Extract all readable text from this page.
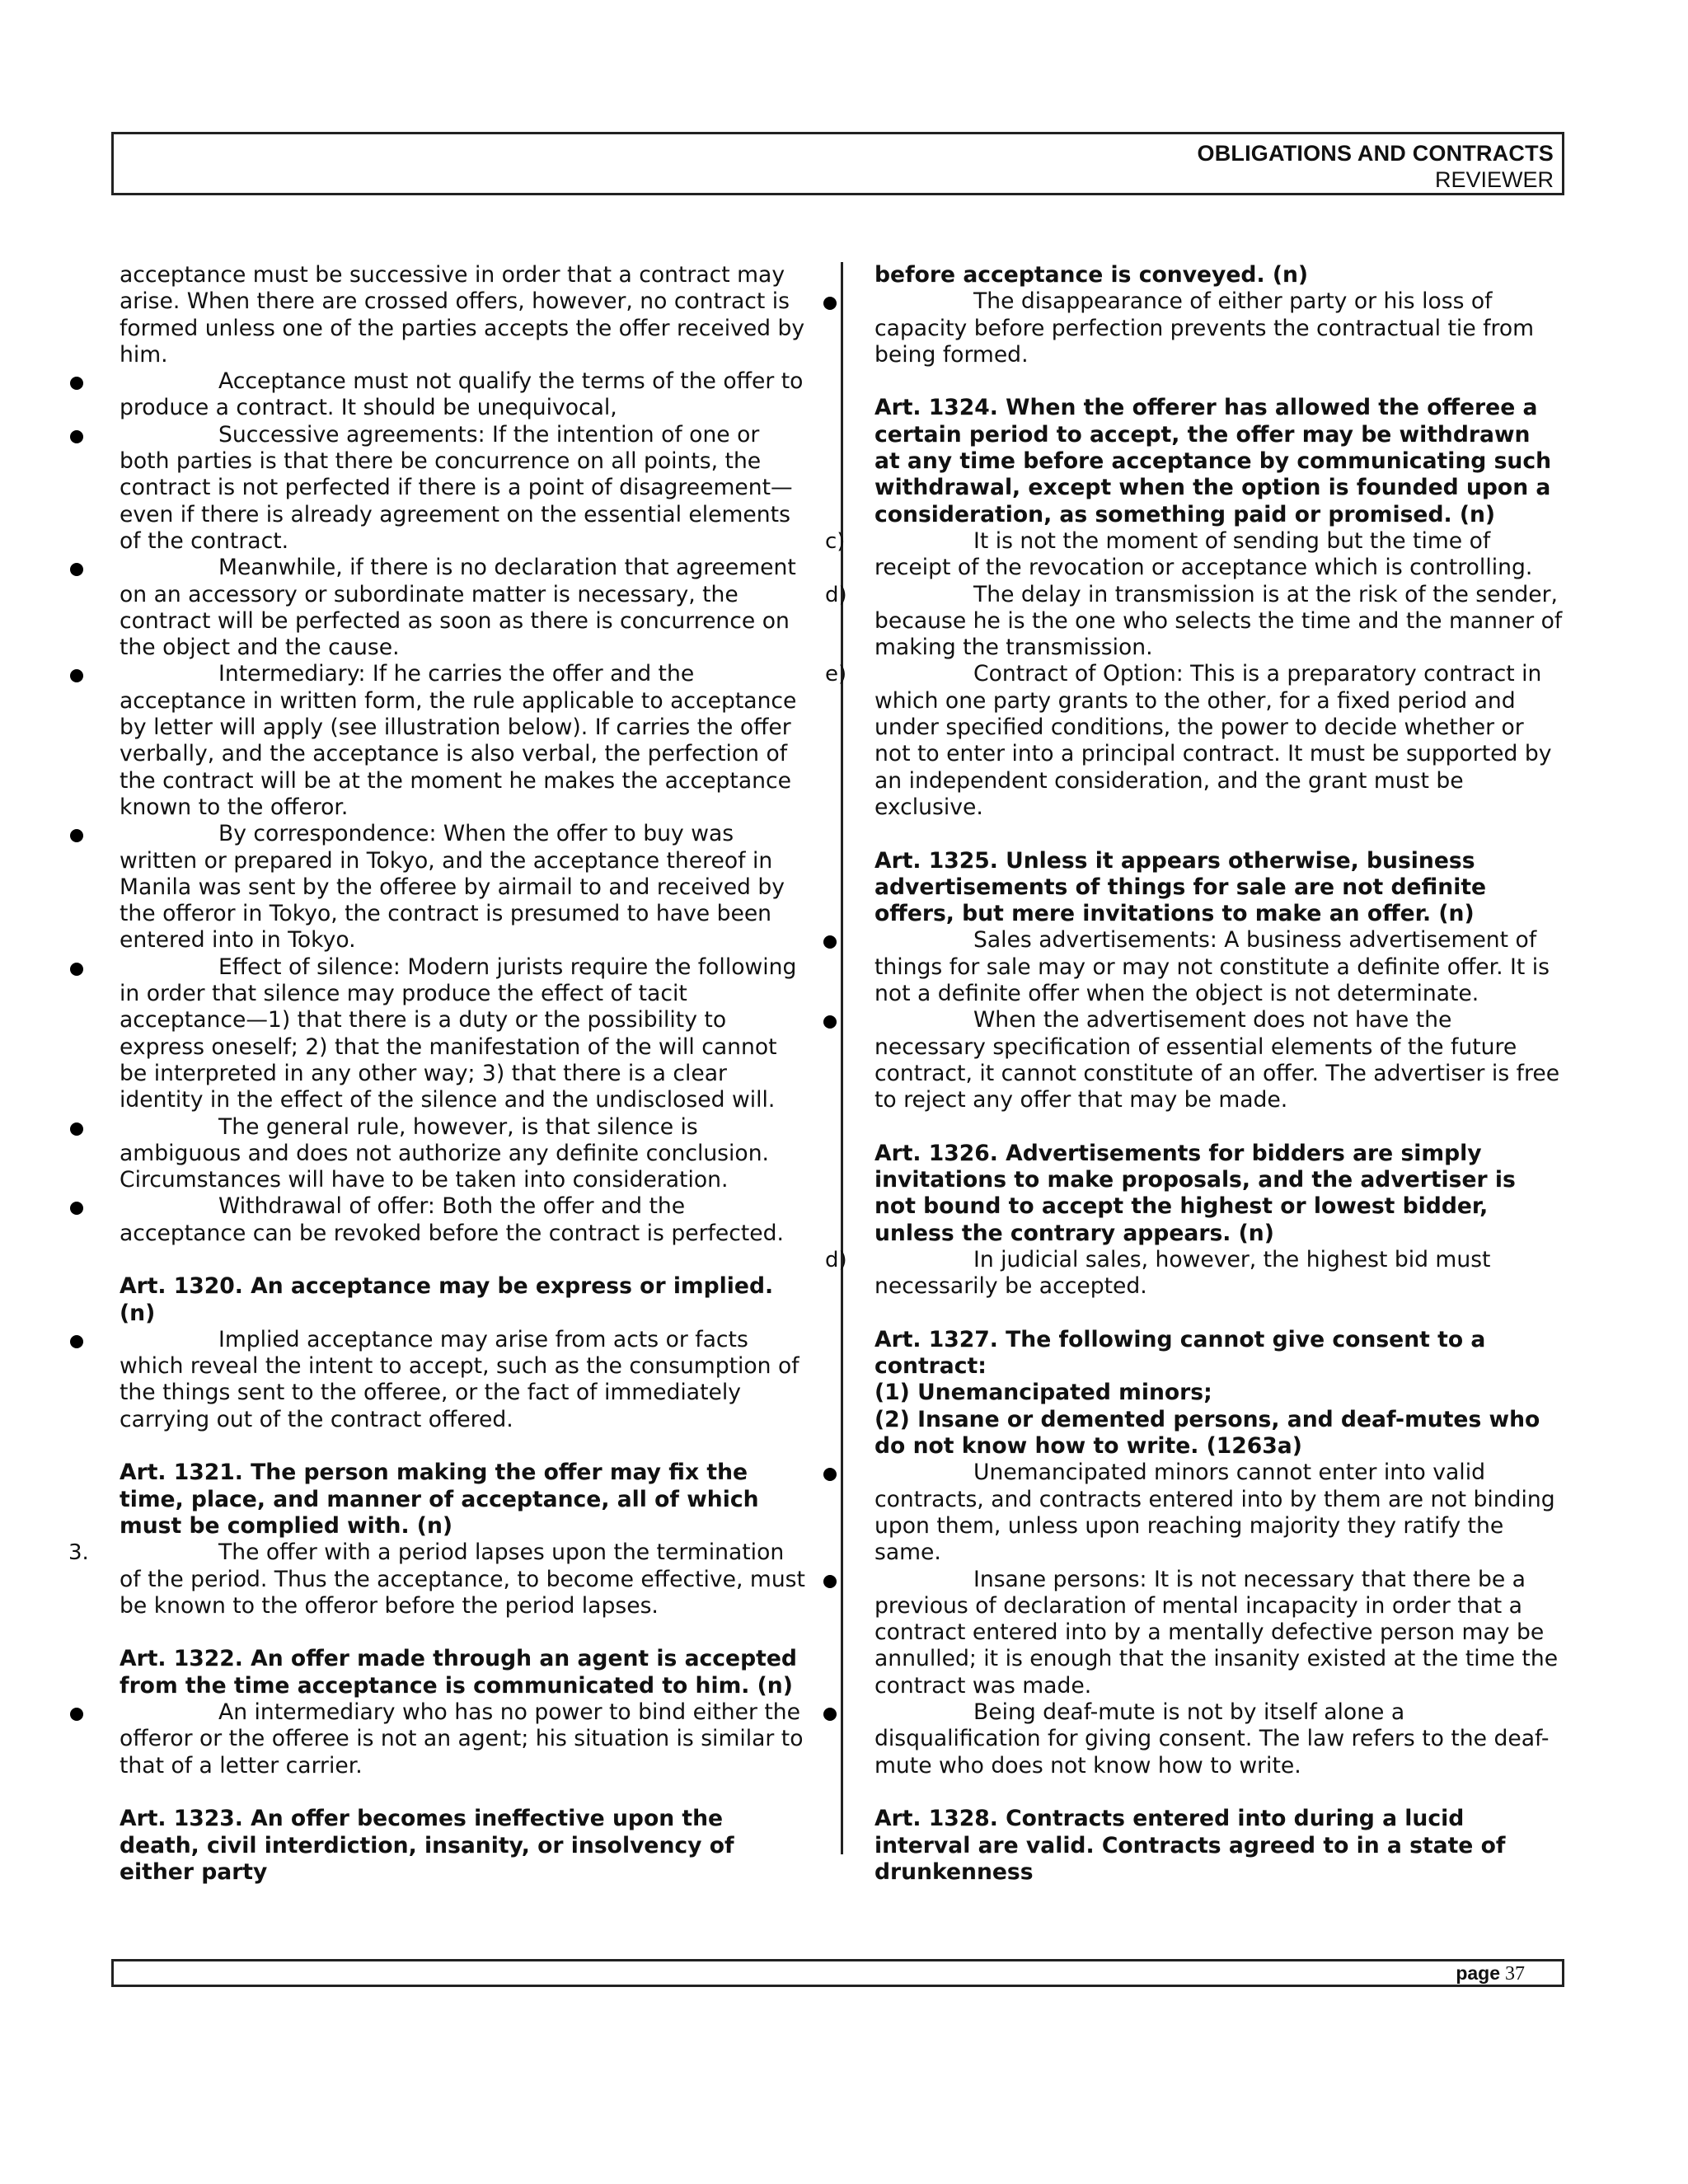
OBLIGATIONS AND CONTRACTS
REVIEWER
acceptance must be successive in order that a contract may arise. When there are crossed offers, however, no contract is formed unless one of the parties accepts the offer received by him.
Acceptance must not qualify the terms of the offer to produce a contract. It should be unequivocal,
Successive agreements: If the intention of one or both parties is that there be concurrence on all points, the contract is not perfected if there is a point of disagreement—even if there is already agreement on the essential elements of the contract.
Meanwhile, if there is no declaration that agreement on an accessory or subordinate matter is necessary, the contract will be perfected as soon as there is concurrence on the object and the cause.
Intermediary: If he carries the offer and the acceptance in written form, the rule applicable to acceptance by letter will apply (see illustration below). If carries the offer verbally, and the acceptance is also verbal, the perfection of the contract will be at the moment he makes the acceptance known to the offeror.
By correspondence: When the offer to buy was written or prepared in Tokyo, and the acceptance thereof in Manila was sent by the offeree by airmail to and received by the offeror in Tokyo, the contract is presumed to have been entered into in Tokyo.
Effect of silence: Modern jurists require the following in order that silence may produce the effect of tacit acceptance—1) that there is a duty or the possibility to express oneself; 2) that the manifestation of the will cannot be interpreted in any other way; 3) that there is a clear identity in the effect of the silence and the undisclosed will.
The general rule, however, is that silence is ambiguous and does not authorize any definite conclusion. Circumstances will have to be taken into consideration.
Withdrawal of offer: Both the offer and the acceptance can be revoked before the contract is perfected.
Art. 1320. An acceptance may be express or implied. (n)
Implied acceptance may arise from acts or facts which reveal the intent to accept, such as the consumption of the things sent to the offeree, or the fact of immediately carrying out of the contract offered.
Art. 1321. The person making the offer may fix the time, place, and manner of acceptance, all of which must be complied with. (n)
3.	The offer with a period lapses upon the termination of the period. Thus the acceptance, to become effective, must be known to the offeror before the period lapses.
Art. 1322. An offer made through an agent is accepted from the time acceptance is communicated to him. (n)
An intermediary who has no power to bind either the offeror or the offeree is not an agent; his situation is similar to that of a letter carrier.
Art. 1323. An offer becomes ineffective upon the death, civil interdiction, insanity, or insolvency of either party
before acceptance is conveyed. (n)
The disappearance of either party or his loss of capacity before perfection prevents the contractual tie from being formed.
Art. 1324. When the offerer has allowed the offeree a certain period to accept, the offer may be withdrawn at any time before acceptance by communicating such withdrawal, except when the option is founded upon a consideration, as something paid or promised. (n)
c)	It is not the moment of sending but the time of receipt of the revocation or acceptance which is controlling.
d)	The delay in transmission is at the risk of the sender, because he is the one who selects the time and the manner of making the transmission.
e)	Contract of Option: This is a preparatory contract in which one party grants to the other, for a fixed period and under specified conditions, the power to decide whether or not to enter into a principal contract. It must be supported by an independent consideration, and the grant must be exclusive.
Art. 1325. Unless it appears otherwise, business advertisements of things for sale are not definite offers, but mere invitations to make an offer. (n)
Sales advertisements: A business advertisement of things for sale may or may not constitute a definite offer. It is not a definite offer when the object is not determinate.
When the advertisement does not have the necessary specification of essential elements of the future contract, it cannot constitute of an offer. The advertiser is free to reject any offer that may be made.
Art. 1326. Advertisements for bidders are simply invitations to make proposals, and the advertiser is not bound to accept the highest or lowest bidder, unless the contrary appears. (n)
d)	In judicial sales, however, the highest bid must necessarily be accepted.
Art. 1327. The following cannot give consent to a contract:
(1) Unemancipated minors;
(2) Insane or demented persons, and deaf-mutes who do not know how to write. (1263a)
Unemancipated minors cannot enter into valid contracts, and contracts entered into by them are not binding upon them, unless upon reaching majority they ratify the same.
Insane persons: It is not necessary that there be a previous of declaration of mental incapacity in order that a contract entered into by a mentally defective person may be annulled; it is enough that the insanity existed at the time the contract was made.
Being deaf-mute is not by itself alone a disqualification for giving consent. The law refers to the deaf-mute who does not know how to write.
Art. 1328. Contracts entered into during a lucid interval are valid. Contracts agreed to in a state of drunkenness
page 37
